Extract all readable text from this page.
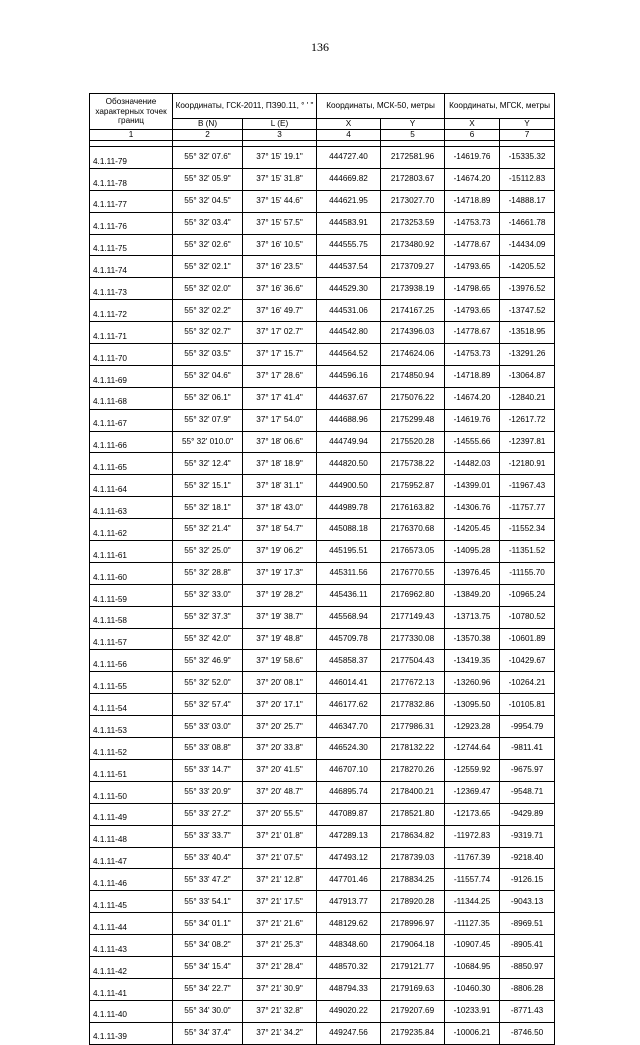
136
Обозначение характерных точек границ	Координаты, ГСК-2011, ПЗ90.11, ° ' "		Координаты, МСК-50, метры		Координаты, МГСК, метры	
	B (N)	L (E)	X	Y	X	Y
1	2	3	4	5	6	7

4.1.11-79	55° 32' 07.6"	37° 15' 19.1"	444727.40	2172581.96	-14619.76	-15335.32
4.1.11-78	55° 32' 05.9"	37° 15' 31.8"	444669.82	2172803.67	-14674.20	-15112.83
4.1.11-77	55° 32' 04.5"	37° 15' 44.6"	444621.95	2173027.70	-14718.89	-14888.17
4.1.11-76	55° 32' 03.4"	37° 15' 57.5"	444583.91	2173253.59	-14753.73	-14661.78
4.1.11-75	55° 32' 02.6"	37° 16' 10.5"	444555.75	2173480.92	-14778.67	-14434.09
4.1.11-74	55° 32' 02.1"	37° 16' 23.5"	444537.54	2173709.27	-14793.65	-14205.52
4.1.11-73	55° 32' 02.0"	37° 16' 36.6"	444529.30	2173938.19	-14798.65	-13976.52
4.1.11-72	55° 32' 02.2"	37° 16' 49.7"	444531.06	2174167.25	-14793.65	-13747.52
4.1.11-71	55° 32' 02.7"	37° 17' 02.7"	444542.80	2174396.03	-14778.67	-13518.95
4.1.11-70	55° 32' 03.5"	37° 17' 15.7"	444564.52	2174624.06	-14753.73	-13291.26
4.1.11-69	55° 32' 04.6"	37° 17' 28.6"	444596.16	2174850.94	-14718.89	-13064.87
4.1.11-68	55° 32' 06.1"	37° 17' 41.4"	444637.67	2175076.22	-14674.20	-12840.21
4.1.11-67	55° 32' 07.9"	37° 17' 54.0"	444688.96	2175299.48	-14619.76	-12617.72
4.1.11-66	55° 32' 010.0"	37° 18' 06.6"	444749.94	2175520.28	-14555.66	-12397.81
4.1.11-65	55° 32' 12.4"	37° 18' 18.9"	444820.50	2175738.22	-14482.03	-12180.91
4.1.11-64	55° 32' 15.1"	37° 18' 31.1"	444900.50	2175952.87	-14399.01	-11967.43
4.1.11-63	55° 32' 18.1"	37° 18' 43.0"	444989.78	2176163.82	-14306.76	-11757.77
4.1.11-62	55° 32' 21.4"	37° 18' 54.7"	445088.18	2176370.68	-14205.45	-11552.34
4.1.11-61	55° 32' 25.0"	37° 19' 06.2"	445195.51	2176573.05	-14095.28	-11351.52
4.1.11-60	55° 32' 28.8"	37° 19' 17.3"	445311.56	2176770.55	-13976.45	-11155.70
4.1.11-59	55° 32' 33.0"	37° 19' 28.2"	445436.11	2176962.80	-13849.20	-10965.24
4.1.11-58	55° 32' 37.3"	37° 19' 38.7"	445568.94	2177149.43	-13713.75	-10780.52
4.1.11-57	55° 32' 42.0"	37° 19' 48.8"	445709.78	2177330.08	-13570.38	-10601.89
4.1.11-56	55° 32' 46.9"	37° 19' 58.6"	445858.37	2177504.43	-13419.35	-10429.67
4.1.11-55	55° 32' 52.0"	37° 20' 08.1"	446014.41	2177672.13	-13260.96	-10264.21
4.1.11-54	55° 32' 57.4"	37° 20' 17.1"	446177.62	2177832.86	-13095.50	-10105.81
4.1.11-53	55° 33' 03.0"	37° 20' 25.7"	446347.70	2177986.31	-12923.28	-9954.79
4.1.11-52	55° 33' 08.8"	37° 20' 33.8"	446524.30	2178132.22	-12744.64	-9811.41
4.1.11-51	55° 33' 14.7"	37° 20' 41.5"	446707.10	2178270.26	-12559.92	-9675.97
4.1.11-50	55° 33' 20.9"	37° 20' 48.7"	446895.74	2178400.21	-12369.47	-9548.71
4.1.11-49	55° 33' 27.2"	37° 20' 55.5"	447089.87	2178521.80	-12173.65	-9429.89
4.1.11-48	55° 33' 33.7"	37° 21' 01.8"	447289.13	2178634.82	-11972.83	-9319.71
4.1.11-47	55° 33' 40.4"	37° 21' 07.5"	447493.12	2178739.03	-11767.39	-9218.40
4.1.11-46	55° 33' 47.2"	37° 21' 12.8"	447701.46	2178834.25	-11557.74	-9126.15
4.1.11-45	55° 33' 54.1"	37° 21' 17.5"	447913.77	2178920.28	-11344.25	-9043.13
4.1.11-44	55° 34' 01.1"	37° 21' 21.6"	448129.62	2178996.97	-11127.35	-8969.51
4.1.11-43	55° 34' 08.2"	37° 21' 25.3"	448348.60	2179064.18	-10907.45	-8905.41
4.1.11-42	55° 34' 15.4"	37° 21' 28.4"	448570.32	2179121.77	-10684.95	-8850.97
4.1.11-41	55° 34' 22.7"	37° 21' 30.9"	448794.33	2179169.63	-10460.30	-8806.28
4.1.11-40	55° 34' 30.0"	37° 21' 32.8"	449020.22	2179207.69	-10233.91	-8771.43
4.1.11-39	55° 34' 37.4"	37° 21' 34.2"	449247.56	2179235.84	-10006.21	-8746.50
